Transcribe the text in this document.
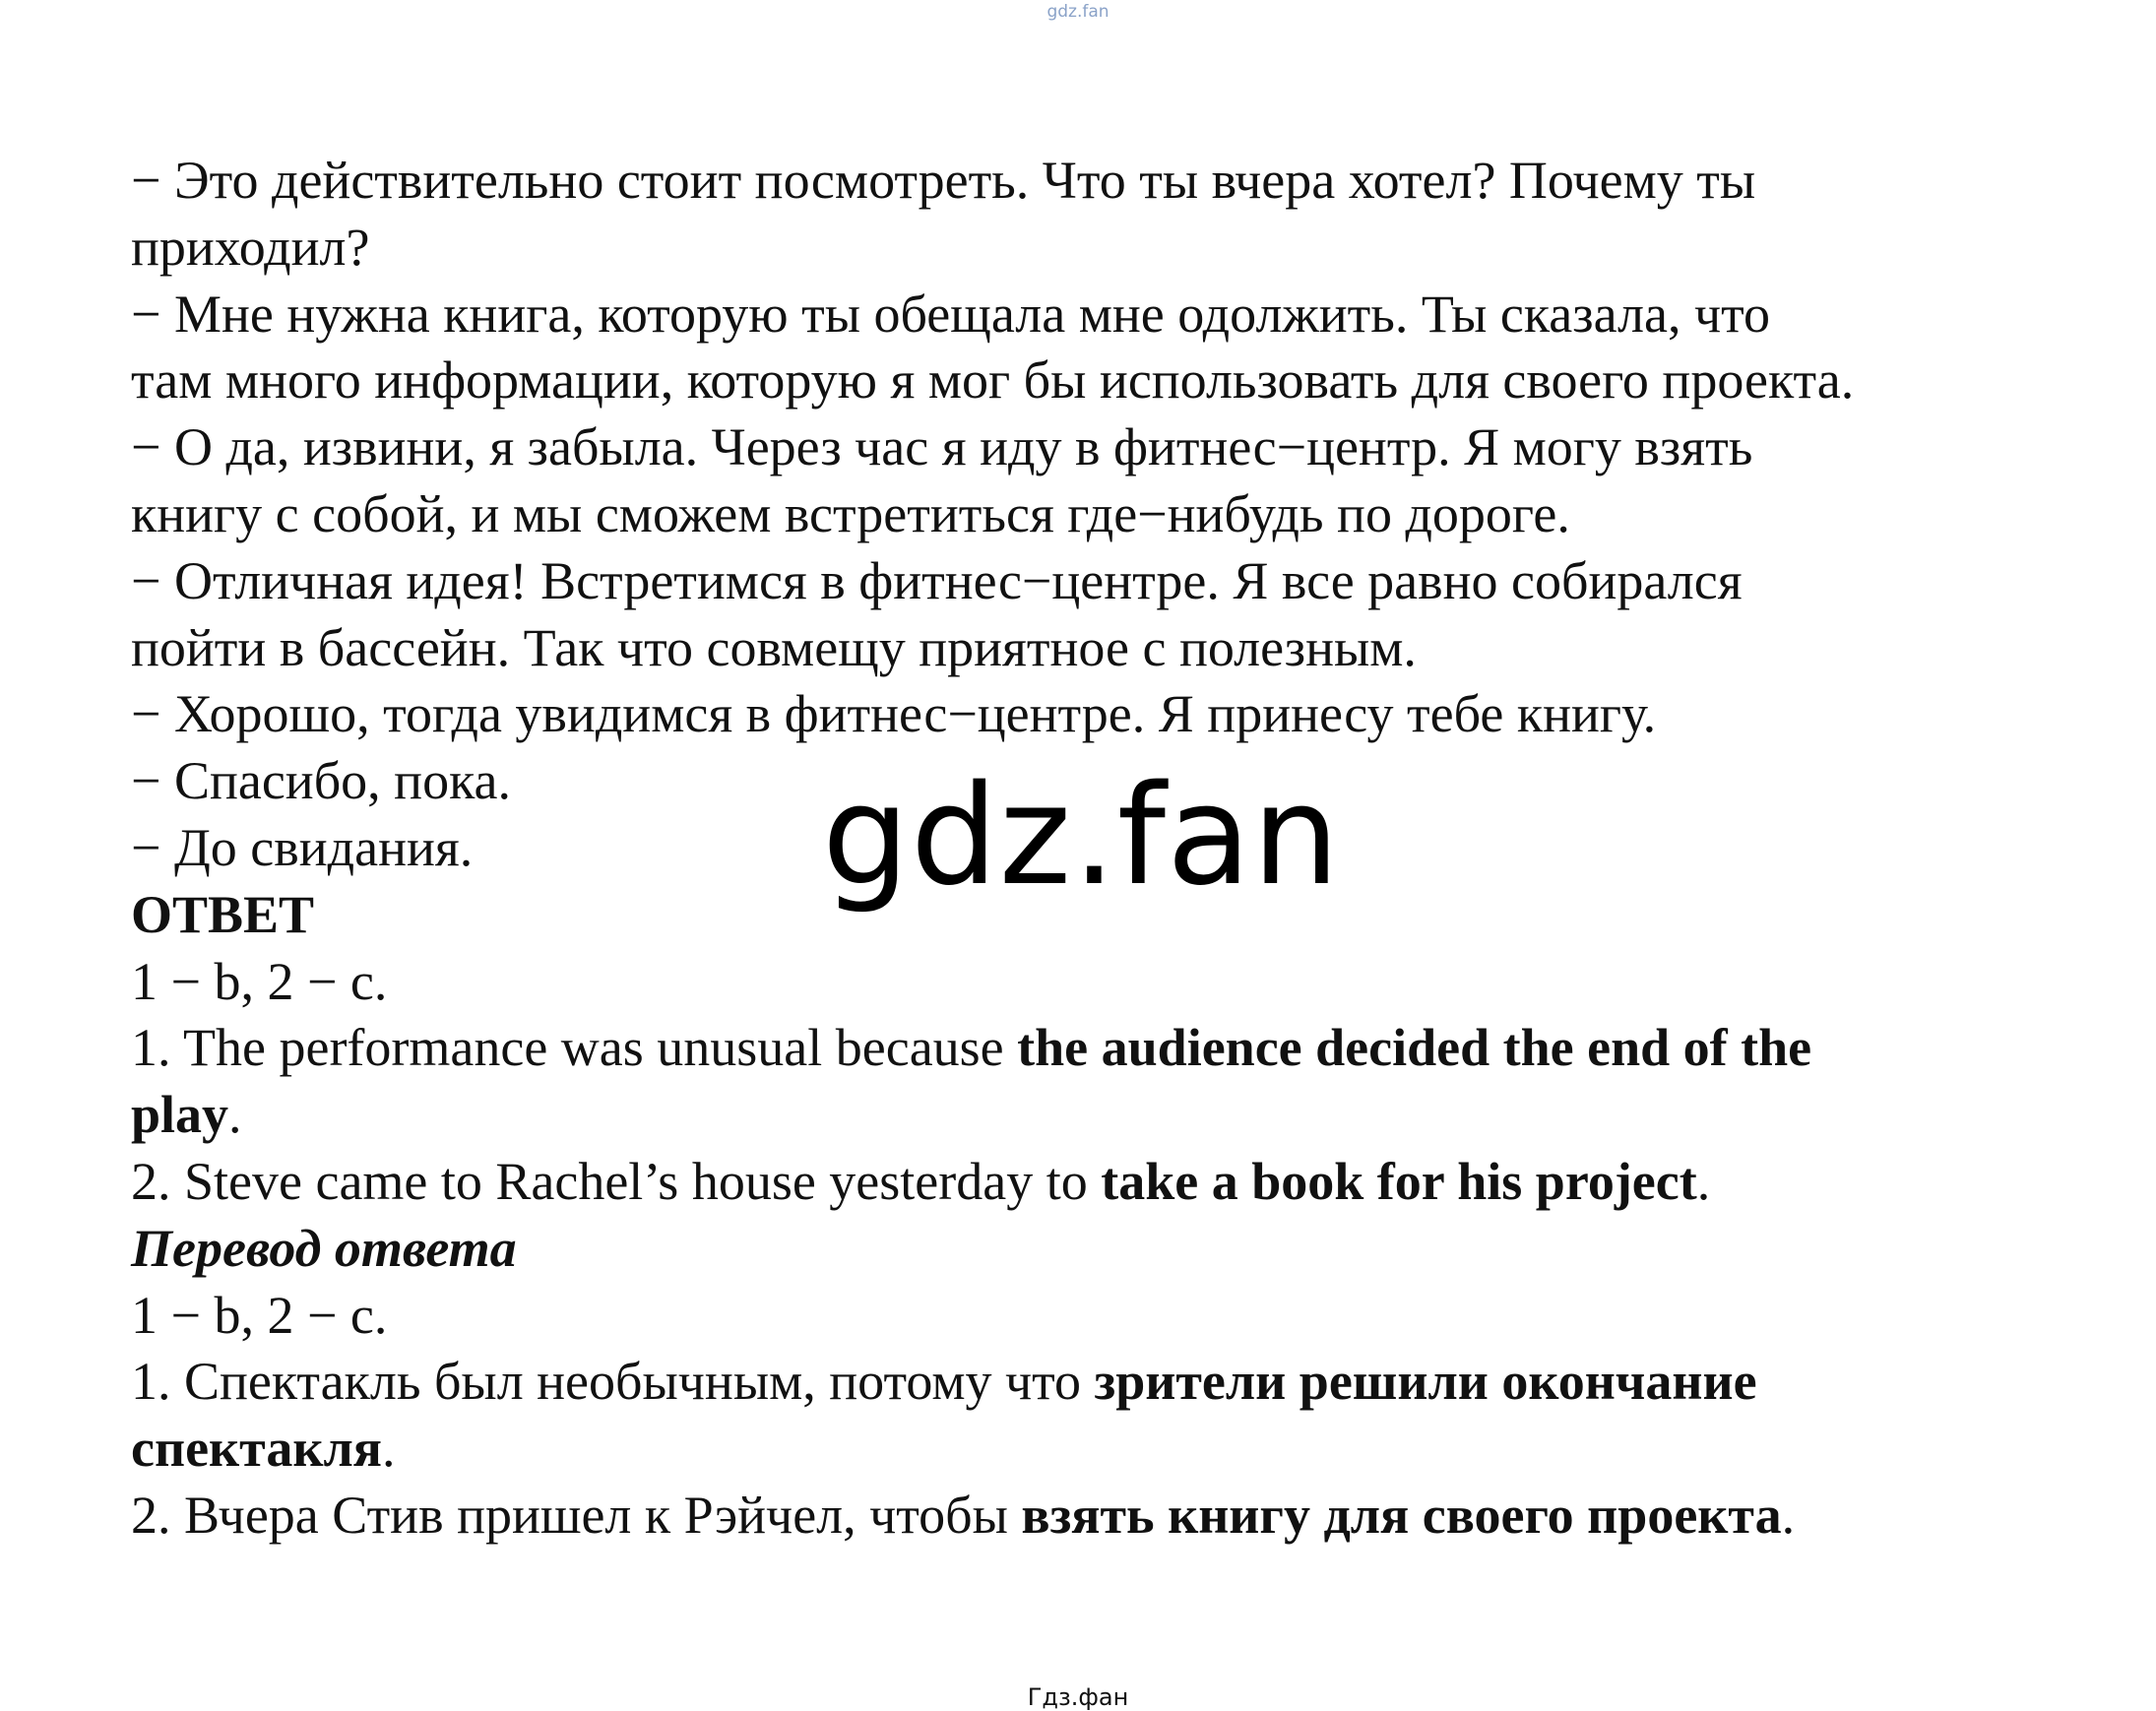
gdz.fan
− Это действительно стоит посмотреть. Что ты вчера хотел? Почему ты
приходил?
− Мне нужна книга, которую ты обещала мне одолжить. Ты сказала, что
там много информации, которую я мог бы использовать для своего проекта.
− О да, извини, я забыла. Через час я иду в фитнес−центр. Я могу взять
книгу с собой, и мы сможем встретиться где−нибудь по дороге.
− Отличная идея! Встретимся в фитнес−центре. Я все равно собирался
пойти в бассейн. Так что совмещу приятное с полезным.
− Хорошо, тогда увидимся в фитнес−центре. Я принесу тебе книгу.
− Спасибо, пока.
− До свидания.
ОТВЕТ
1 − b, 2 − c.
1. The performance was unusual because the audience decided the end of the
play.
2. Steve came to Rachel’s house yesterday to take a book for his project.
Перевод ответа
1 − b, 2 − c.
1. Спектакль был необычным, потому что зрители решили окончание
спектакля.
2. Вчера Стив пришел к Рэйчел, чтобы взять книгу для своего проекта.
gdz.fan
Гдз.фан
